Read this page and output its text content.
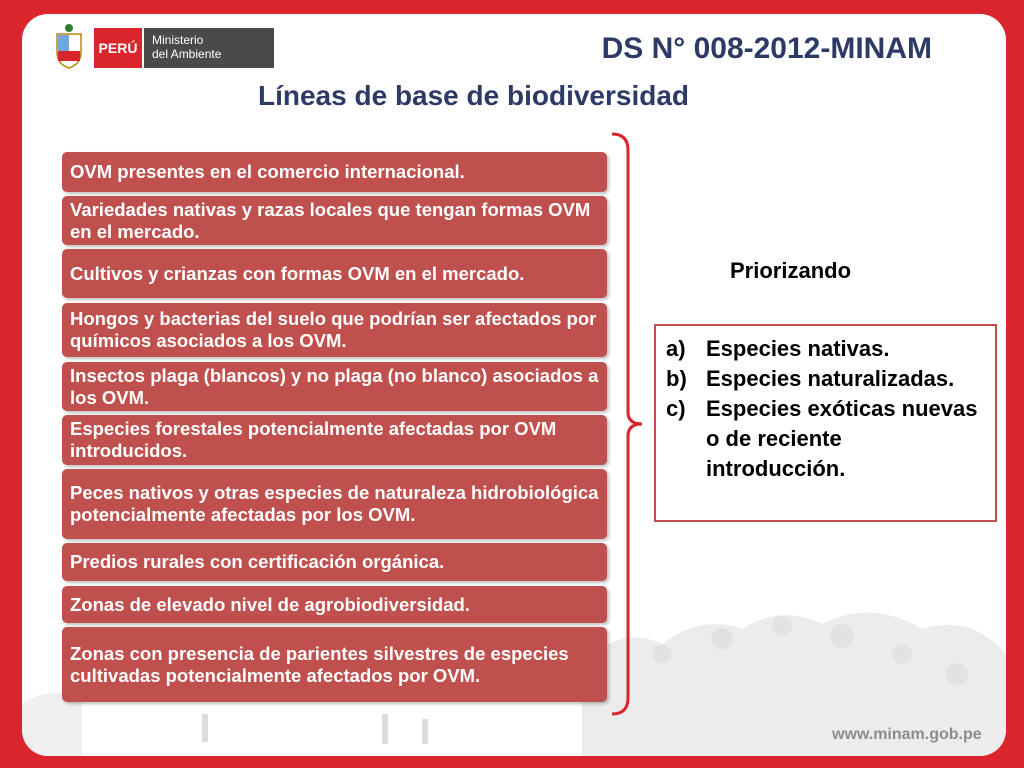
PERÚ	Ministerio
del Ambiente	DS N° 008-2012-MINAM
Líneas de base de biodiversidad
OVM presentes en el comercio internacional.
Variedades nativas y razas locales que tengan formas OVM en el mercado.
Cultivos y crianzas con formas OVM en el mercado.
Hongos y bacterias del suelo que podrían ser afectados por químicos asociados a los OVM.
Insectos plaga (blancos) y no plaga (no blanco) asociados a los OVM.
Especies forestales potencialmente afectadas por OVM introducidos.
Peces nativos y otras especies de naturaleza hidrobiológica potencialmente afectadas por los OVM.
Predios rurales con certificación orgánica.
Zonas de elevado nivel de agrobiodiversidad.
Zonas con presencia de parientes silvestres de especies cultivadas potencialmente afectados por OVM.
Priorizando
a) Especies nativas.
b) Especies naturalizadas.
c) Especies exóticas nuevas o de reciente introducción.
www.minam.gob.pe
